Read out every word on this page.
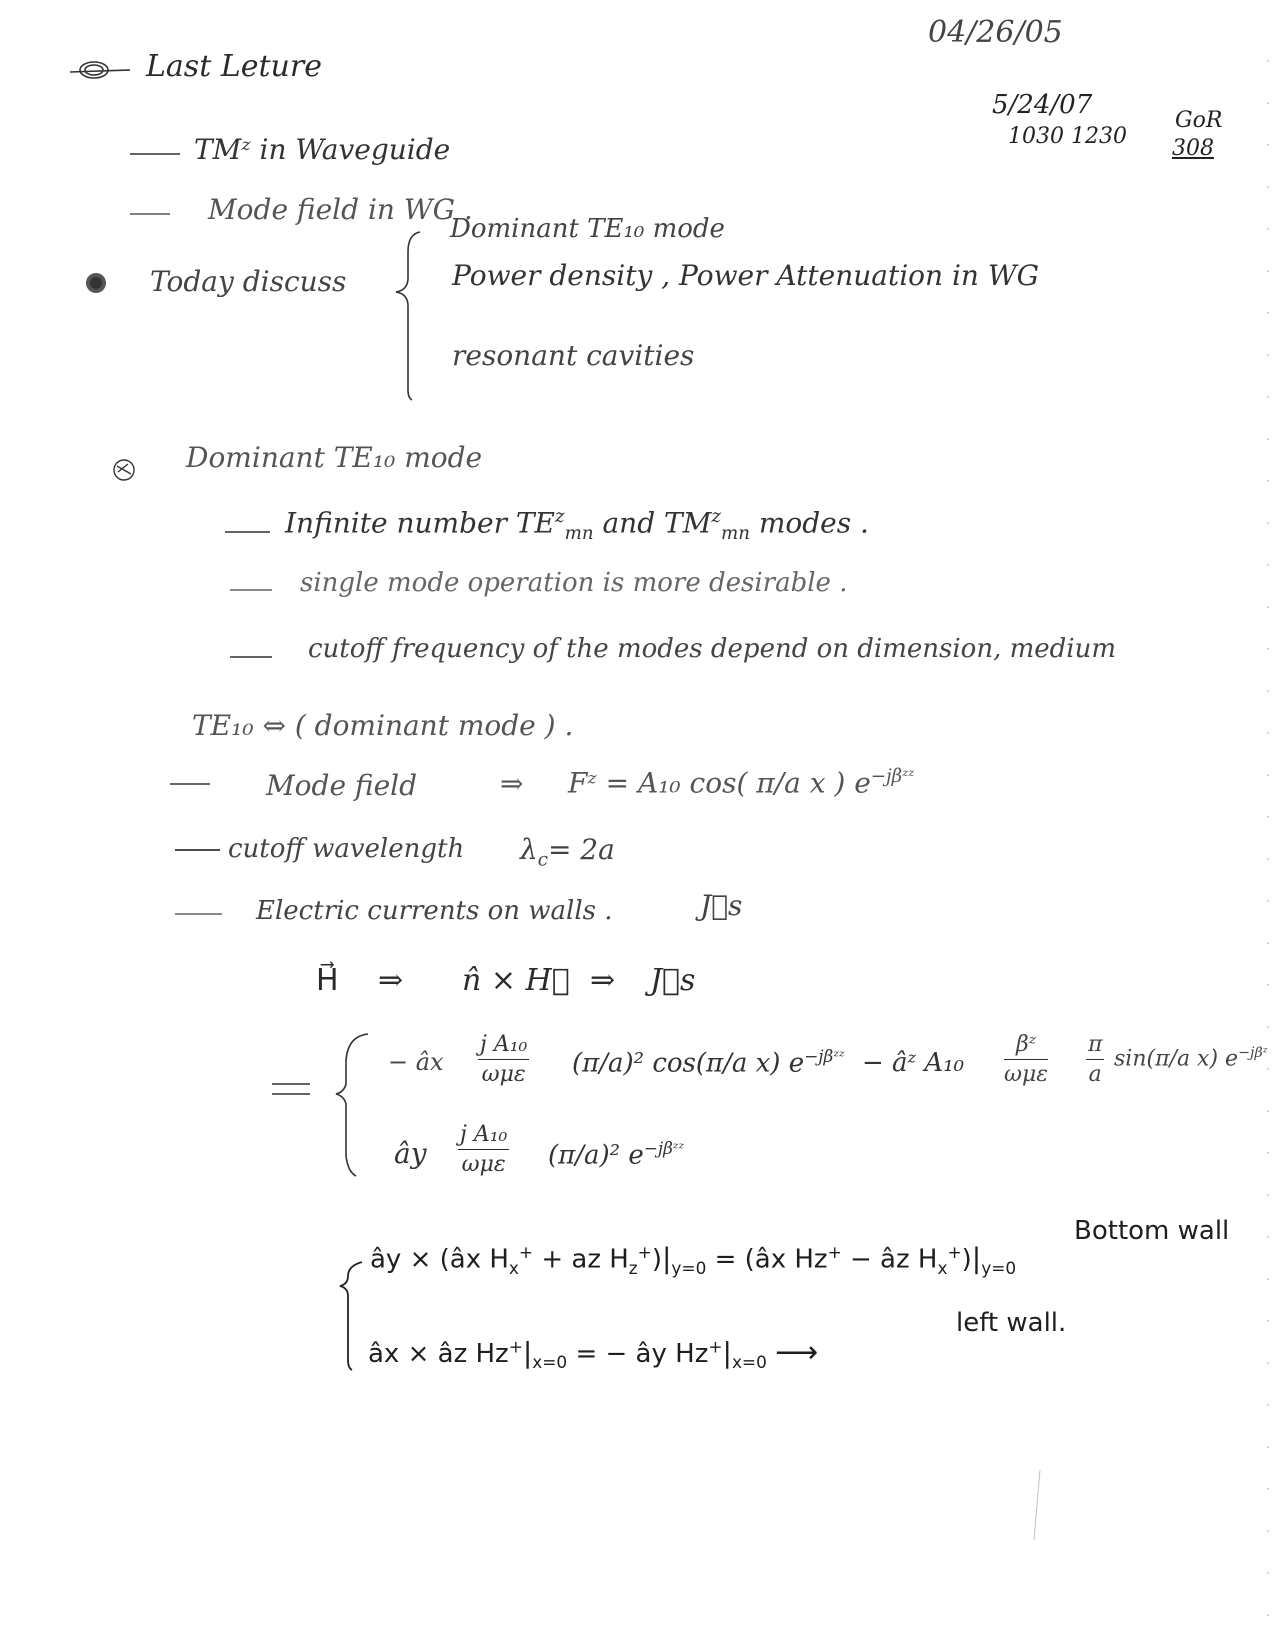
04/26/05
5/24/07
1030 1230
GoR
308
Last Leture
TMᶻ in Waveguide
Mode field in WG .
Today discuss
Dominant TE₁₀ mode
Power density , Power Attenuation in WG
resonant cavities
Dominant TE₁₀ mode
Infinite number $TE^z_{mn}$ and $TM^z_{mn}$ modes .
single mode operation is more desirable .
cutoff frequency of the modes depend on dimension, medium
TE₁₀ ⇔ ( dominant mode ) .
Mode field	⇒ Fᶻ = A₁₀ cos( π/a x ) $e^{-j\beta ᶻᶻ}$
cutoff wavelength $\lambda_c= 2a$
Electric currents on walls .	J⃗s
H⃗ ⇒ n̂ × H⃗ ⇒ J⃗s
− âx
j A₁₀
ωμε (π/a)² cos(π/a x) $e^{-j\beta ᶻᶻ}$ − âᶻ A₁₀
βᶻ
ωμε $\frac{\pi}{a} \sin(\pi/a$ x) $e^{-j\beta ᶻ}$
ây
j A₁₀
ωμε (π/a)² $e^{-j\beta ᶻᶻ}$
ây × (âx $H_x^+$ + az $H_z^+)|_{y=0}$ = (âx Hz+ − âz $H_x^+)|_{y=0}$
Bottom wall
âx × âz $Hz^+|_{x=0}$ = − ây $Hz^+|_{x=0}$ ⟶
left wall.
